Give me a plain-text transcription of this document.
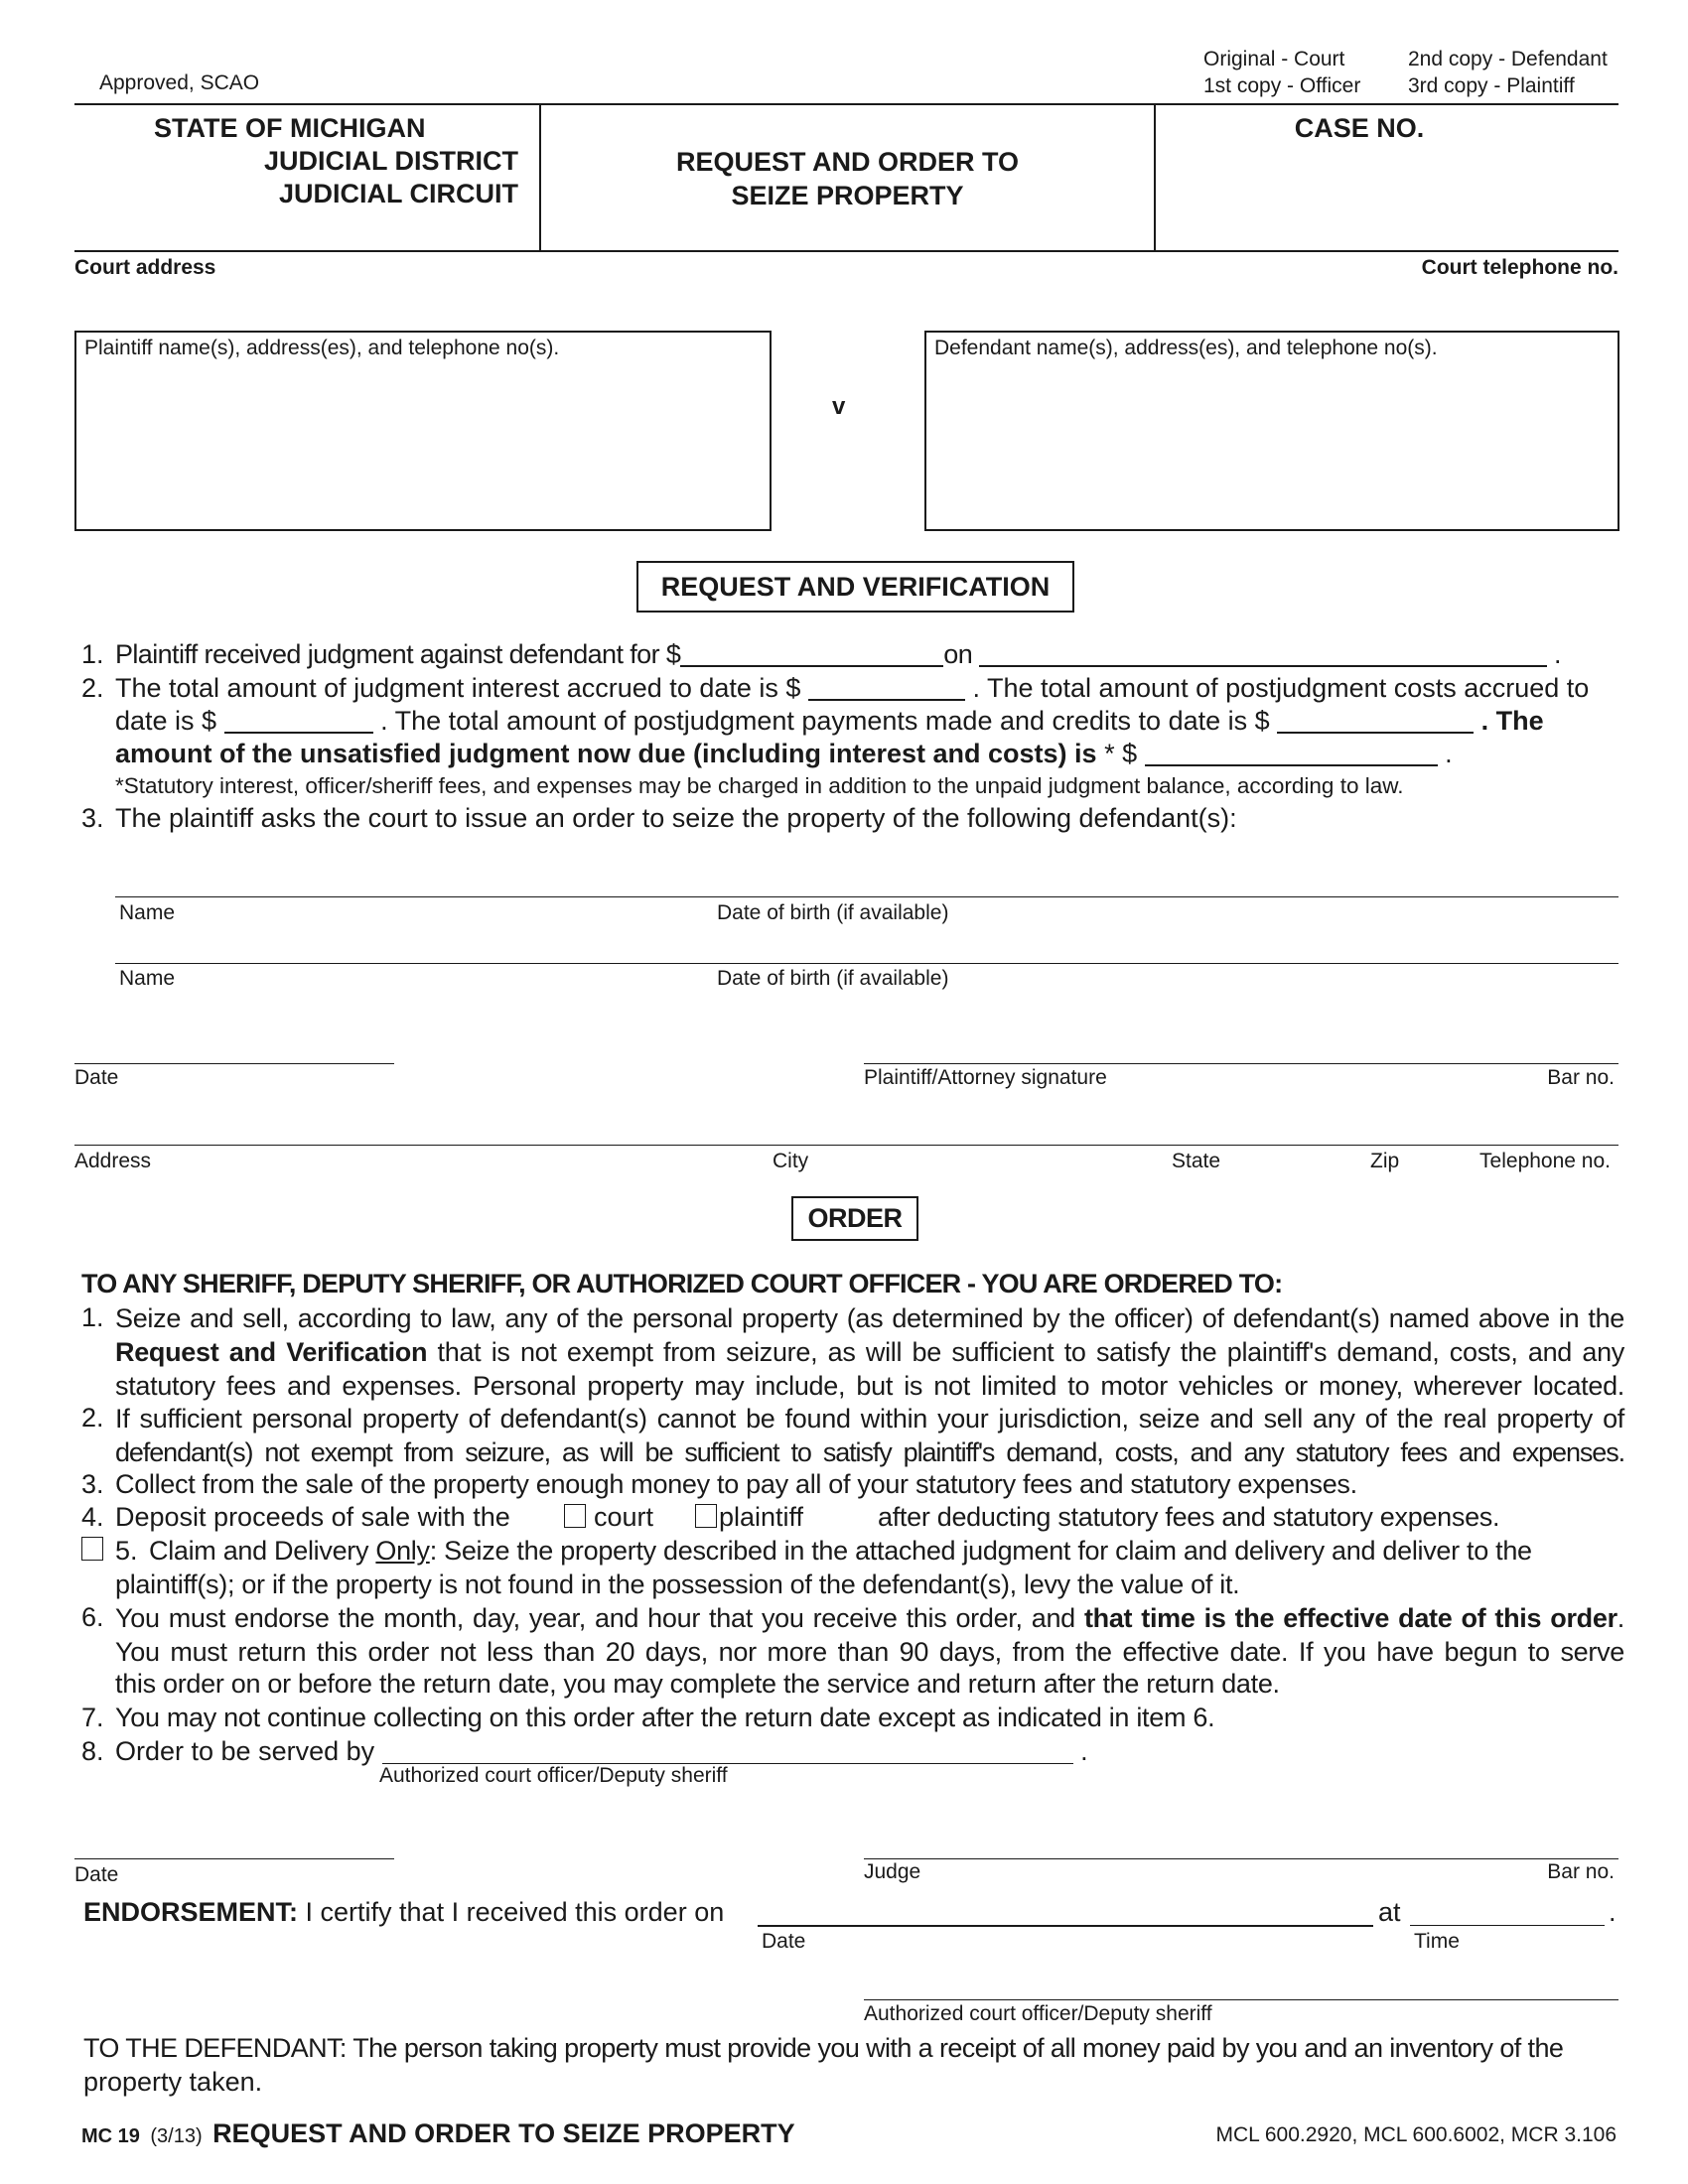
Approved, SCAO
Original - Court	2nd copy - Defendant
1st copy - Officer 3rd copy - Plaintiff
STATE OF MICHIGAN
JUDICIAL DISTRICT
JUDICIAL CIRCUIT
REQUEST AND ORDER TO
SEIZE PROPERTY
CASE NO.
Court address	Court telephone no.
Plaintiff name(s), address(es), and telephone no(s).
v
Defendant name(s), address(es), and telephone no(s).
REQUEST AND VERIFICATION
1. Plaintiff received judgment against defendant for $	on	.
2. The total amount of judgment interest accrued to date is $	. The total amount of postjudgment costs accrued to
date is $	. The total amount of postjudgment payments made and credits to date is $	. The
amount of the unsatisfied judgment now due (including interest and costs) is * $	.
*Statutory interest, officer/sheriff fees, and expenses may be charged in addition to the unpaid judgment balance, according to law.
3. The plaintiff asks the court to issue an order to seize the property of the following defendant(s):
Name	Date of birth (if available)
Name	Date of birth (if available)
Date	Plaintiff/Attorney signature	Bar no.
Address	City	State	Zip	Telephone no.
ORDER
TO ANY SHERIFF, DEPUTY SHERIFF, OR AUTHORIZED COURT OFFICER - YOU ARE ORDERED TO:
1.
2.
3.
4.
7.
8.
Seize and sell, according to law, any of the personal property (as determined by the officer) of defendant(s) named above in the
Request and Verification that is not exempt from seizure, as will be sufficient to satisfy the plaintiff's demand, costs, and any
statutory fees and expenses. Personal property may include, but is not limited to motor vehicles or money, wherever located.
If sufficient personal property of defendant(s) cannot be found within your jurisdiction, seize and sell any of the real property of
defendant(s) not exempt from seizure, as will be sufficient to satisfy plaintiff's demand, costs, and any statutory fees and expenses.
Collect from the sale of the property enough money to pay all of your statutory fees and statutory expenses.
Deposit proceeds of sale with the	court plaintiff	after deducting statutory fees and statutory expenses.
5. Claim and Delivery Only: Seize the property described in the attached judgment for claim and delivery and deliver to the
plaintiff(s); or if the property is not found in the possession of the defendant(s), levy the value of it.
6. You must endorse the month, day, year, and hour that you receive this order, and that time is the effective date of this order.
You must return this order not less than 20 days, nor more than 90 days, from the effective date. If you have begun to serve
this order on or before the return date, you may complete the service and return after the return date.
You may not continue collecting on this order after the return date except as indicated in item 6.
Order to be served by	.
Authorized court officer/Deputy sheriff
Date	Judge	Bar no.
ENDORSEMENT: I certify that I received this order on
Date
at	.
Time
Authorized court officer/Deputy sheriff
TO THE DEFENDANT: The person taking property must provide you with a receipt of all money paid by you and an inventory of the
property taken.
MC 19 (3/13) REQUEST AND ORDER TO SEIZE PROPERTY	MCL 600.2920, MCL 600.6002, MCR 3.106
